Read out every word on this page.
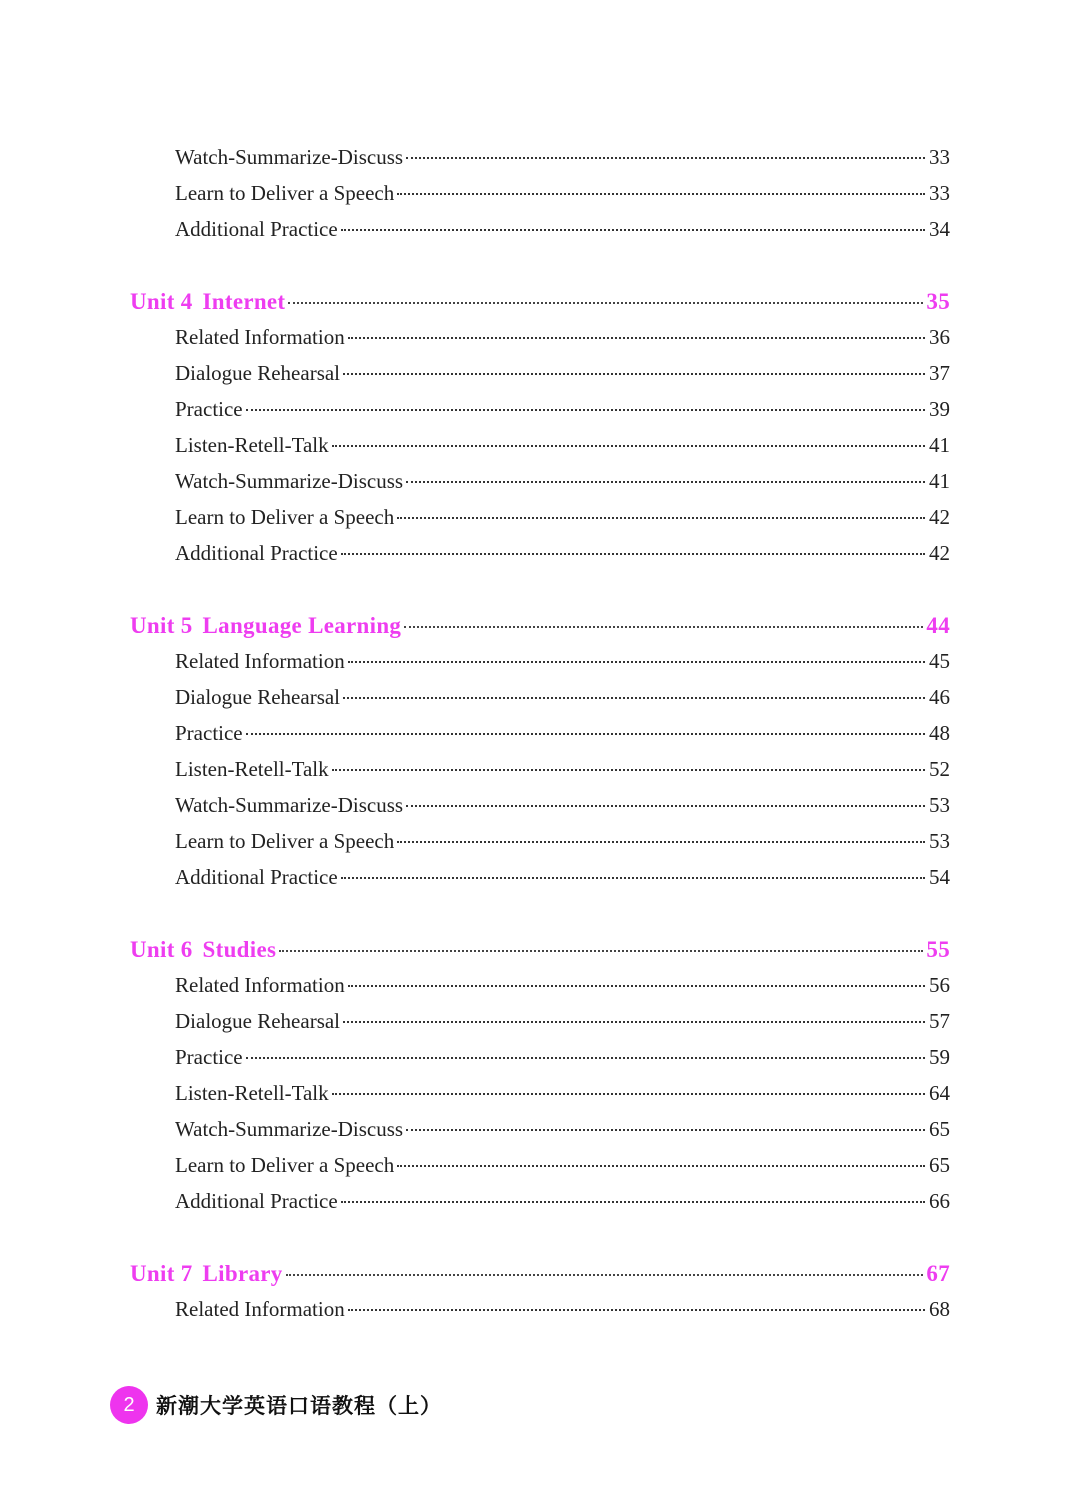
Watch-Summarize-Discuss	33
Learn to Deliver a Speech	33
Additional Practice	34
Unit 4 Internet	35
Related Information	36
Dialogue Rehearsal	37
Practice	39
Listen-Retell-Talk	41
Watch-Summarize-Discuss	41
Learn to Deliver a Speech	42
Additional Practice	42
Unit 5 Language Learning	44
Related Information	45
Dialogue Rehearsal	46
Practice	48
Listen-Retell-Talk	52
Watch-Summarize-Discuss	53
Learn to Deliver a Speech	53
Additional Practice	54
Unit 6 Studies	55
Related Information	56
Dialogue Rehearsal	57
Practice	59
Listen-Retell-Talk	64
Watch-Summarize-Discuss	65
Learn to Deliver a Speech	65
Additional Practice	66
Unit 7 Library	67
Related Information	68
2	新潮大学英语口语教程（上）
